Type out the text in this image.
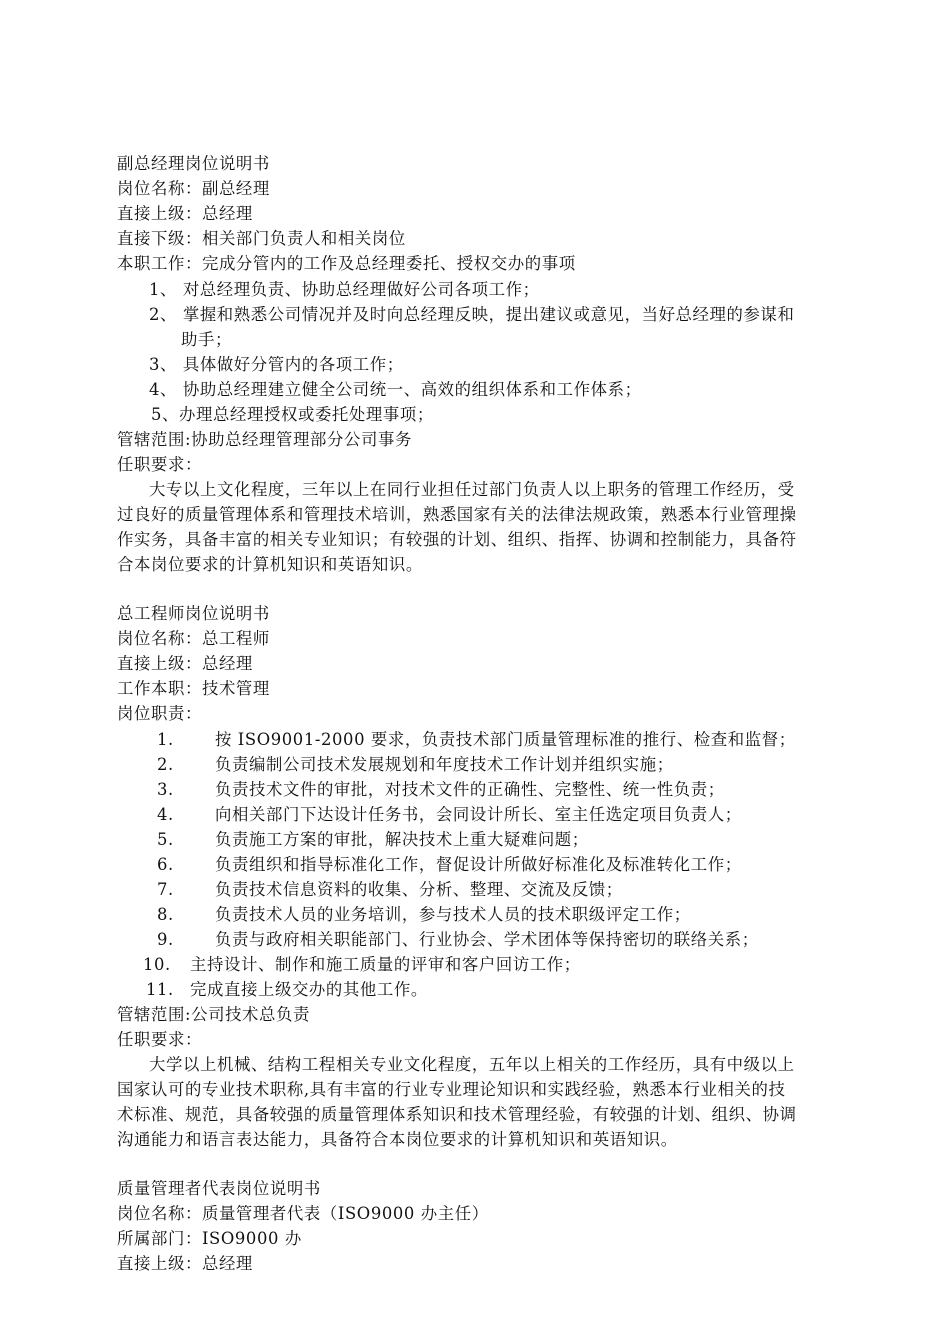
副总经理岗位说明书
岗位名称：副总经理
直接上级：总经理
直接下级：相关部门负责人和相关岗位
本职工作：完成分管内的工作及总经理委托、授权交办的事项
1、 对总经理负责、协助总经理做好公司各项工作；
2、 掌握和熟悉公司情况并及时向总经理反映，提出建议或意见，当好总经理的参谋和
助手；
3、 具体做好分管内的各项工作；
4、 协助总经理建立健全公司统一、高效的组织体系和工作体系；
5、办理总经理授权或委托处理事项；
管辖范围:协助总经理管理部分公司事务
任职要求：
大专以上文化程度，三年以上在同行业担任过部门负责人以上职务的管理工作经历，受
过良好的质量管理体系和管理技术培训，熟悉国家有关的法律法规政策，熟悉本行业管理操
作实务，具备丰富的相关专业知识；有较强的计划、组织、指挥、协调和控制能力，具备符
合本岗位要求的计算机知识和英语知识。
总工程师岗位说明书
岗位名称：总工程师
直接上级：总经理
工作本职：技术管理
岗位职责：
1.	按 ISO9001-2000 要求，负责技术部门质量管理标准的推行、检查和监督；
2.	负责编制公司技术发展规划和年度技术工作计划并组织实施；
3.	负责技术文件的审批，对技术文件的正确性、完整性、统一性负责；
4.	向相关部门下达设计任务书，会同设计所长、室主任选定项目负责人；
5.	负责施工方案的审批，解决技术上重大疑难问题；
6.	负责组织和指导标准化工作，督促设计所做好标准化及标准转化工作；
7.	负责技术信息资料的收集、分析、整理、交流及反馈；
8.	负责技术人员的业务培训，参与技术人员的技术职级评定工作；
9.	负责与政府相关职能部门、行业协会、学术团体等保持密切的联络关系；
10. 主持设计、制作和施工质量的评审和客户回访工作；
11. 完成直接上级交办的其他工作。
管辖范围:公司技术总负责
任职要求：
大学以上机械、结构工程相关专业文化程度，五年以上相关的工作经历，具有中级以上
国家认可的专业技术职称,具有丰富的行业专业理论知识和实践经验，熟悉本行业相关的技
术标准、规范，具备较强的质量管理体系知识和技术管理经验，有较强的计划、组织、协调
沟通能力和语言表达能力，具备符合本岗位要求的计算机知识和英语知识。
质量管理者代表岗位说明书
岗位名称：质量管理者代表（ISO9000 办主任）
所属部门：ISO9000 办
直接上级：总经理
